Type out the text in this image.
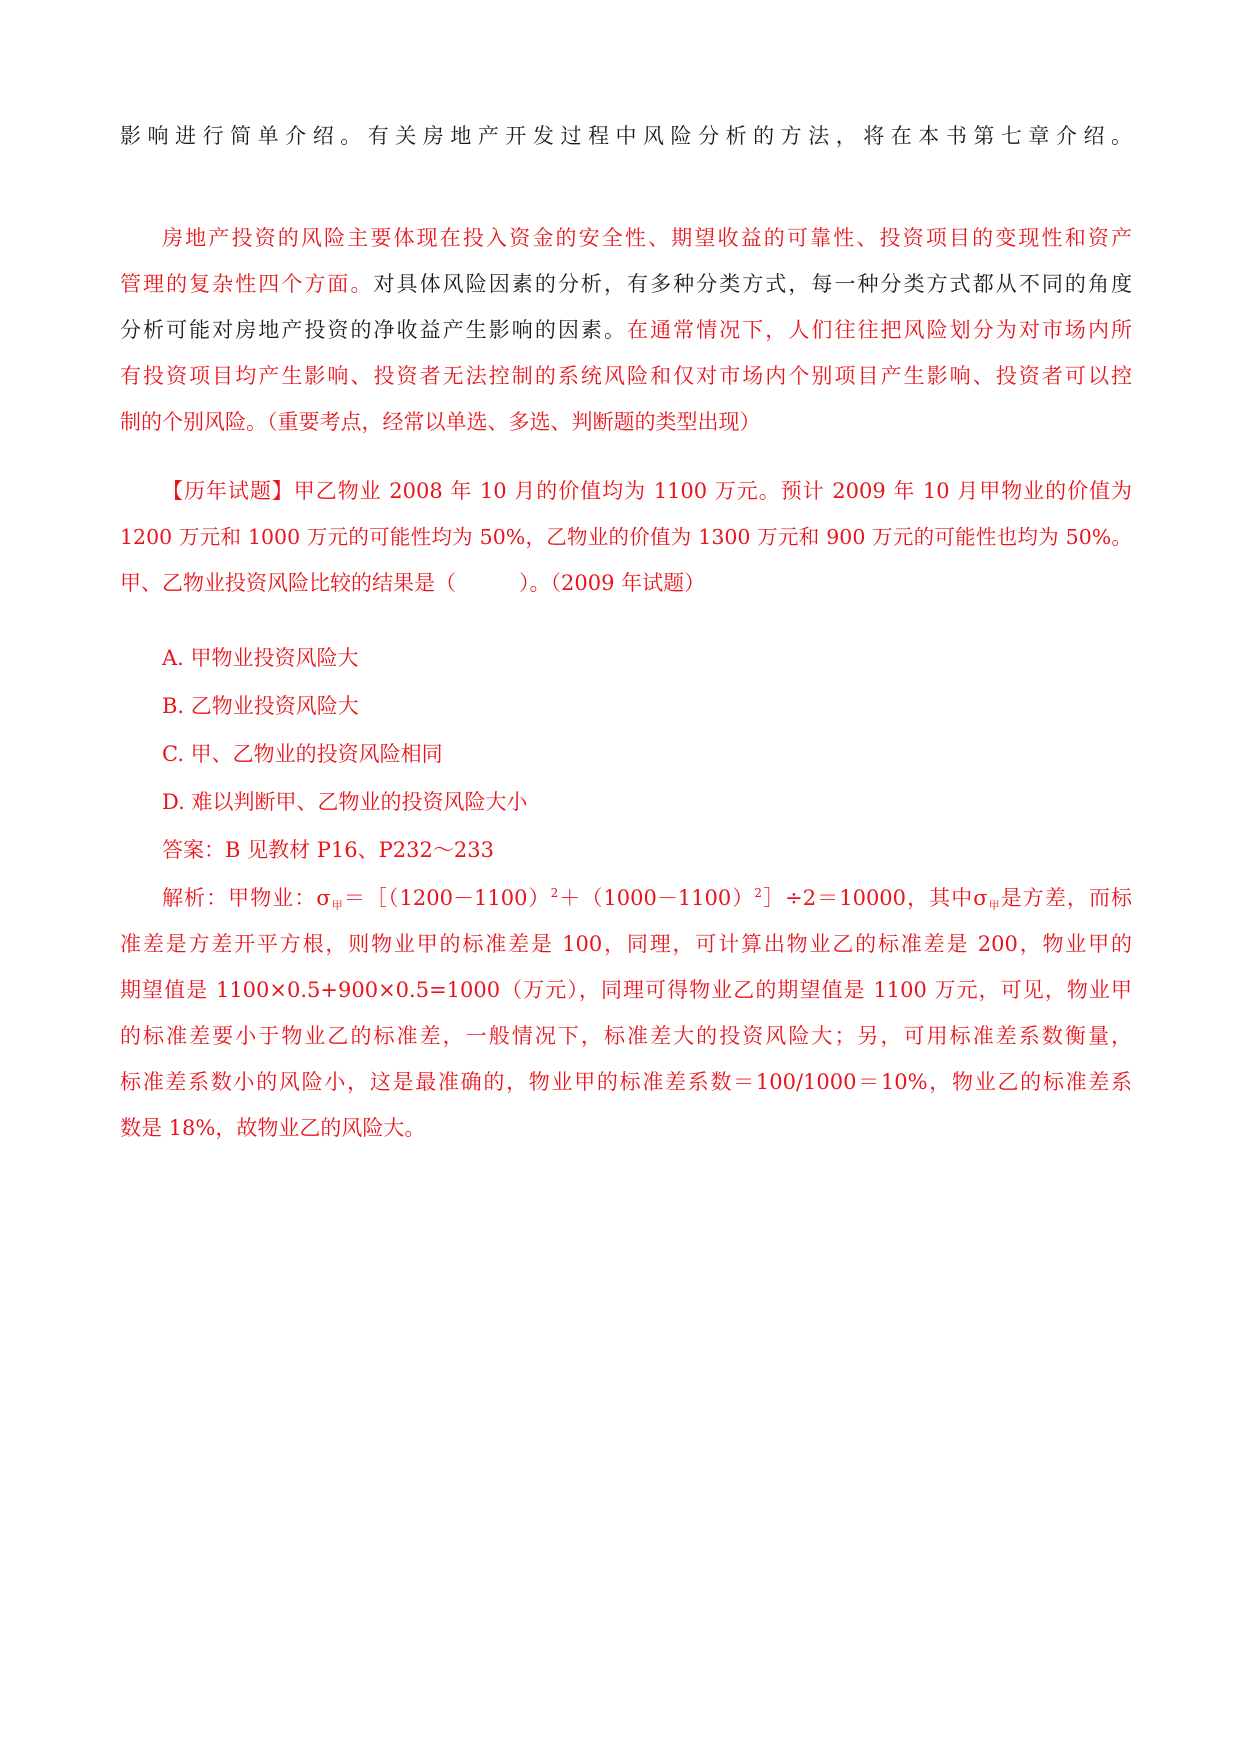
影响进行简单介绍。有关房地产开发过程中风险分析的方法，将在本书第七章介绍。
房地产投资的风险主要体现在投入资金的安全性、期望收益的可靠性、投资项目的变现性和资产
管理的复杂性四个方面。对具体风险因素的分析，有多种分类方式，每一种分类方式都从不同的角度
分析可能对房地产投资的净收益产生影响的因素。在通常情况下，人们往往把风险划分为对市场内所
有投资项目均产生影响、投资者无法控制的系统风险和仅对市场内个别项目产生影响、投资者可以控
制的个别风险。（重要考点，经常以单选、多选、判断题的类型出现）
【历年试题】甲乙物业 2008 年 10 月的价值均为 1100 万元。预计 2009 年 10 月甲物业的价值为
1200 万元和 1000 万元的可能性均为 50%，乙物业的价值为 1300 万元和 900 万元的可能性也均为 50%。
甲、乙物业投资风险比较的结果是（　　　）。（2009 年试题）
A. 甲物业投资风险大
B. 乙物业投资风险大
C. 甲、乙物业的投资风险相同
D. 难以判断甲、乙物业的投资风险大小
答案：B 见教材 P16、P232～233
解析：甲物业：$\sigma_甲=[(1200-1100)^2+(1000-1100)^2]\div 2=10000$，其中$\sigma_甲$是方差，而标
准差是方差开平方根，则物业甲的标准差是 100，同理，可计算出物业乙的标准差是 200，物业甲的
期望值是 1100×0.5+900×0.5=1000（万元），同理可得物业乙的期望值是 1100 万元，可见，物业甲
的标准差要小于物业乙的标准差，一般情况下，标准差大的投资风险大；另，可用标准差系数衡量，
标准差系数小的风险小，这是最准确的，物业甲的标准差系数＝100/1000＝10%，物业乙的标准差系
数是 18%，故物业乙的风险大。
